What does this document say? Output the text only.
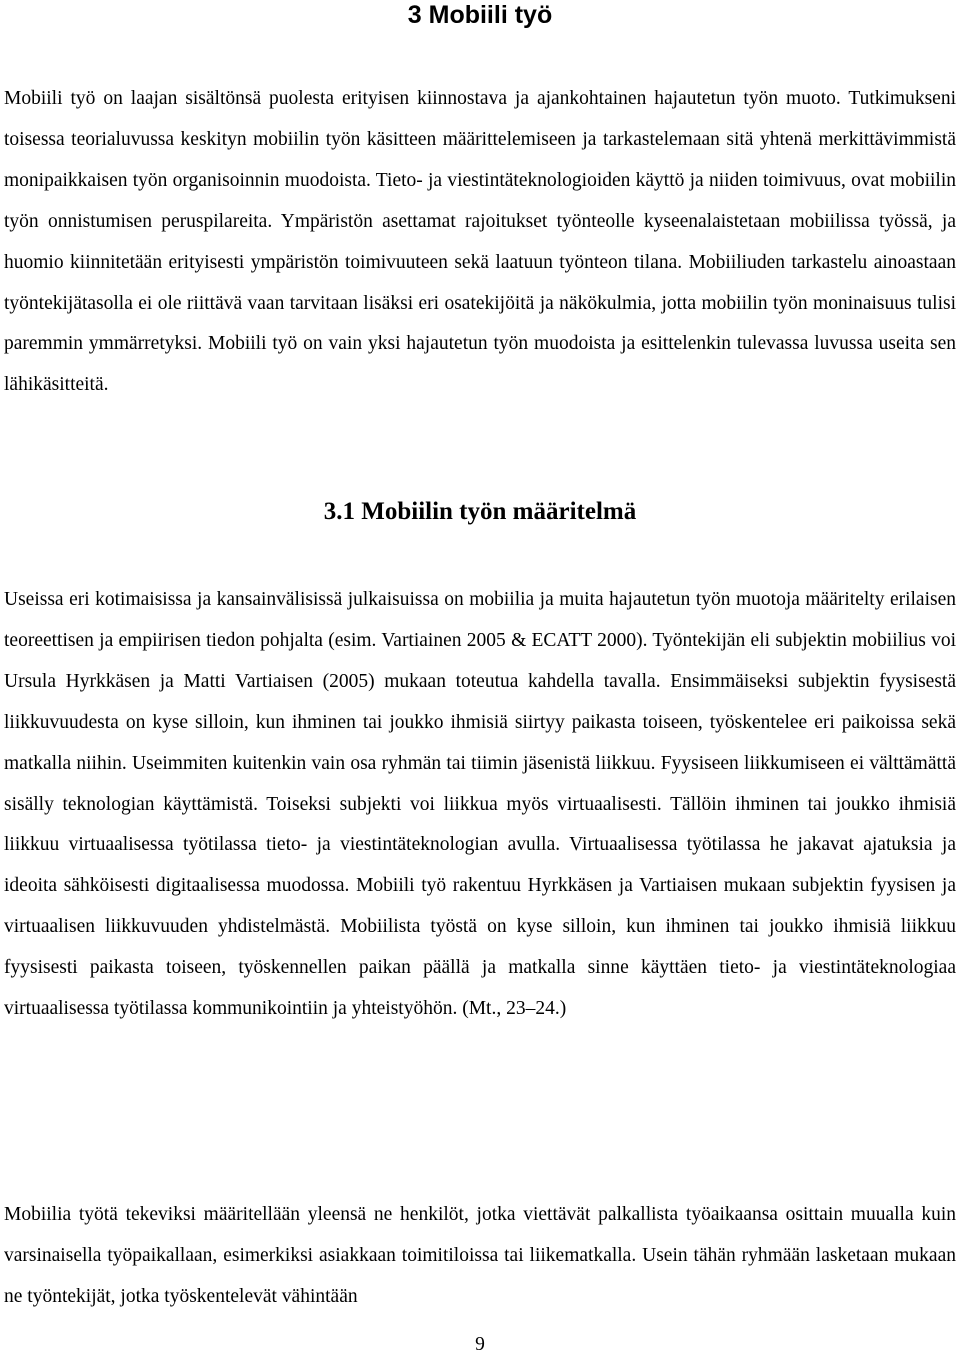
3 Mobiili työ

Mobiili työ on laajan sisältönsä puolesta erityisen kiinnostava ja ajankohtainen hajautetun työn muoto. Tutkimukseni toisessa teorialuvussa keskityn mobiilin työn käsitteen määrittelemiseen ja tarkastelemaan sitä yhtenä merkittävimmistä monipaikkaisen työn organisoinnin muodoista. Tieto- ja viestintäteknologioiden käyttö ja niiden toimivuus, ovat mobiilin työn onnistumisen peruspilareita. Ympäristön asettamat rajoitukset työnteolle kyseenalaistetaan mobiilissa työssä, ja huomio kiinnitetään erityisesti ympäristön toimivuuteen sekä laatuun työnteon tilana. Mobiiliuden tarkastelu ainoastaan työntekijätasolla ei ole riittävä vaan tarvitaan lisäksi eri osatekijöitä ja näkökulmia, jotta mobiilin työn moninaisuus tulisi paremmin ymmärretyksi. Mobiili työ on vain yksi hajautetun työn muodoista ja esittelenkin tulevassa luvussa useita sen lähikäsitteitä.

3.1 Mobiilin työn määritelmä

Useissa eri kotimaisissa ja kansainvälisissä julkaisuissa on mobiilia ja muita hajautetun työn muotoja määritelty erilaisen teoreettisen ja empiirisen tiedon pohjalta (esim. Vartiainen 2005 & ECATT 2000). Työntekijän eli subjektin mobiilius voi Ursula Hyrkkäsen ja Matti Vartiaisen (2005) mukaan toteutua kahdella tavalla. Ensimmäiseksi subjektin fyysisestä liikkuvuudesta on kyse silloin, kun ihminen tai joukko ihmisiä siirtyy paikasta toiseen, työskentelee eri paikoissa sekä matkalla niihin. Useimmiten kuitenkin vain osa ryhmän tai tiimin jäsenistä liikkuu. Fyysiseen liikkumiseen ei välttämättä sisälly teknologian käyttämistä. Toiseksi subjekti voi liikkua myös virtuaalisesti. Tällöin ihminen tai joukko ihmisiä liikkuu virtuaalisessa työtilassa tieto- ja viestintäteknologian avulla. Virtuaalisessa työtilassa he jakavat ajatuksia ja ideoita sähköisesti digitaalisessa muodossa. Mobiili työ rakentuu Hyrkkäsen ja Vartiaisen mukaan subjektin fyysisen ja virtuaalisen liikkuvuuden yhdistelmästä. Mobiilista työstä on kyse silloin, kun ihminen tai joukko ihmisiä liikkuu fyysisesti paikasta toiseen, työskennellen paikan päällä ja matkalla sinne käyttäen tieto- ja viestintäteknologiaa virtuaalisessa työtilassa kommunikointiin ja yhteistyöhön. (Mt., 23–24.)

Mobiilia työtä tekeviksi määritellään yleensä ne henkilöt, jotka viettävät palkallista työaikaansa osittain muualla kuin varsinaisella työpaikallaan, esimerkiksi asiakkaan toimitiloissa tai liikematkalla. Usein tähän ryhmään lasketaan mukaan ne työntekijät, jotka työskentelevät vähintään

9
